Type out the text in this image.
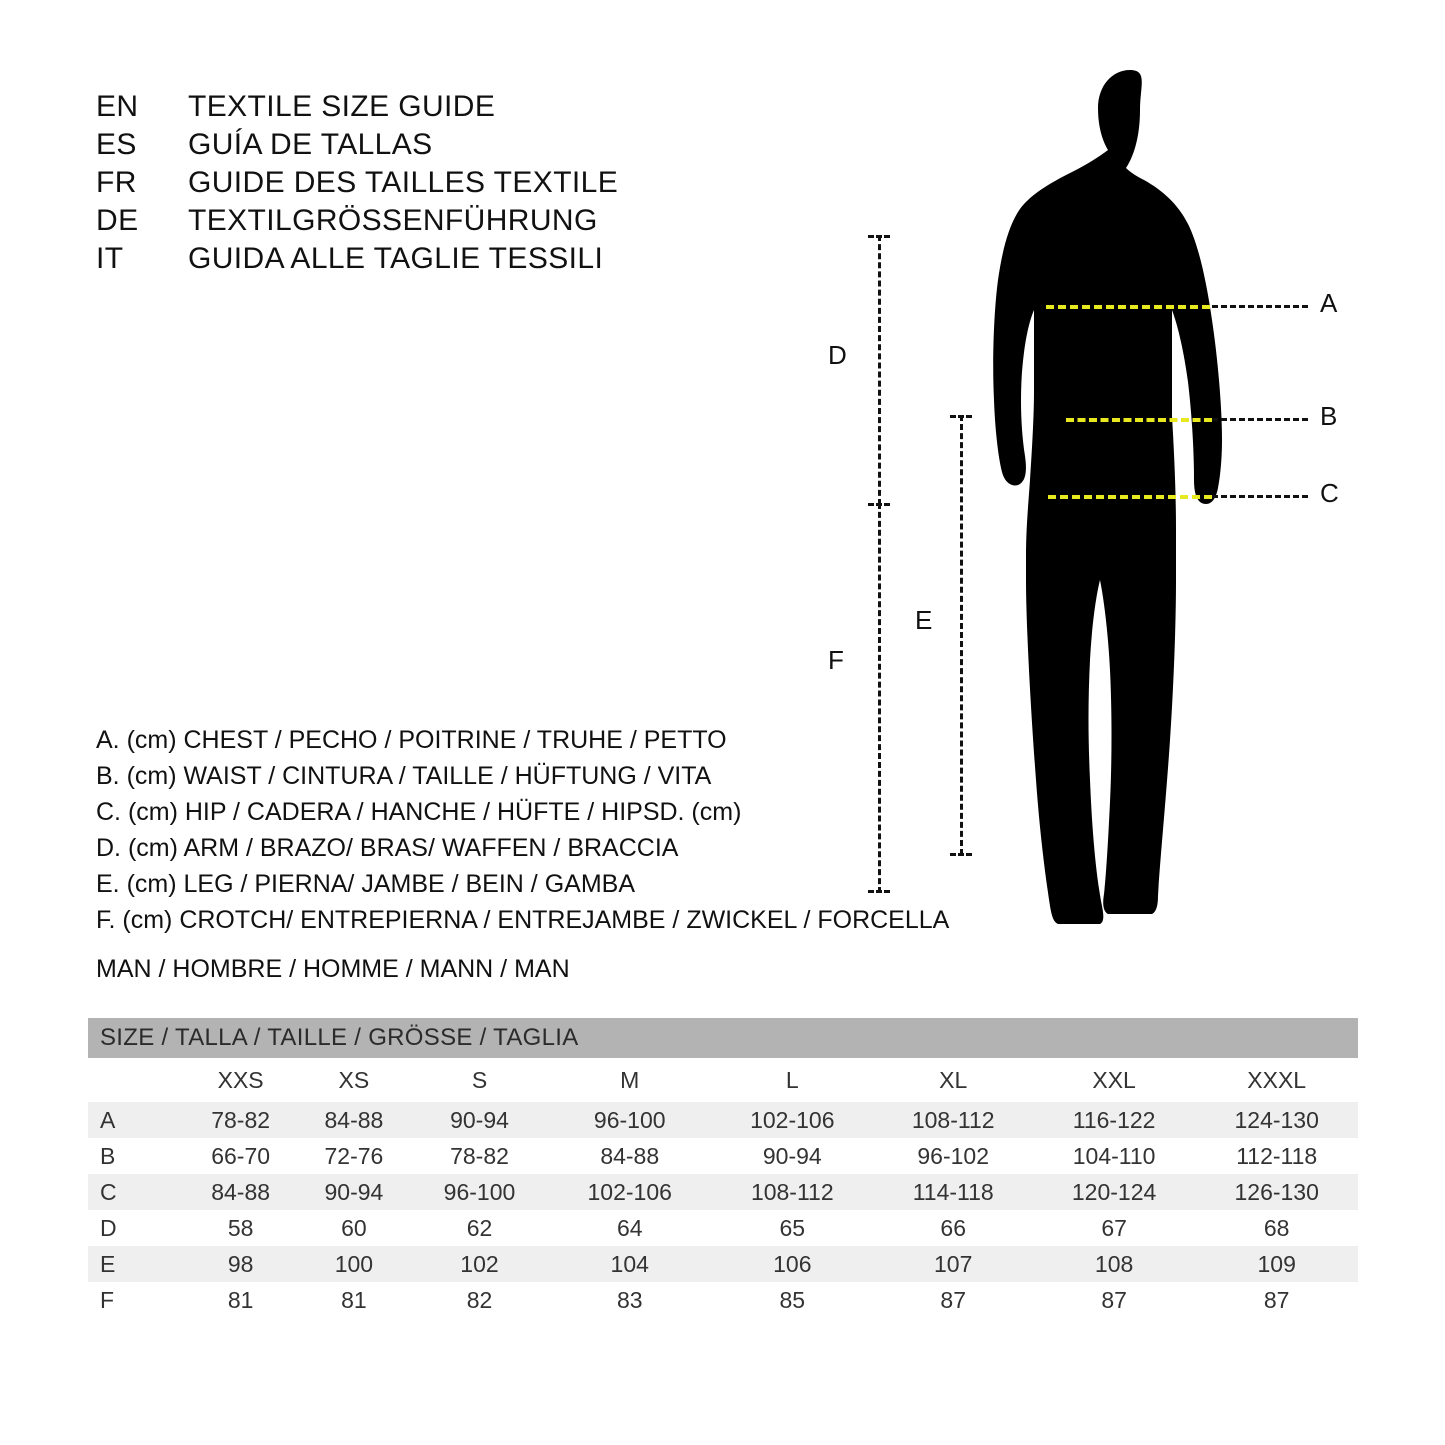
EN	TEXTILE SIZE GUIDE
ES	GUÍA DE TALLAS
FR	GUIDE DES TAILLES TEXTILE
DE	TEXTILGRÖSSENFÜHRUNG
IT	GUIDA ALLE TAGLIE TESSILI
D
F
E
A
B
C
A. (cm) CHEST / PECHO / POITRINE / TRUHE / PETTO
B. (cm) WAIST / CINTURA / TAILLE / HÜFTUNG / VITA
C. (cm) HIP / CADERA / HANCHE / HÜFTE / HIPSD. (cm)
D. (cm) ARM / BRAZO/ BRAS/ WAFFEN / BRACCIA
E. (cm) LEG / PIERNA/ JAMBE / BEIN / GAMBA
F. (cm) CROTCH/ ENTREPIERNA / ENTREJAMBE / ZWICKEL / FORCELLA
MAN / HOMBRE / HOMME / MANN / MAN
SIZE / TALLA / TAILLE / GRÖSSE / TAGLIA								
	XXS	XS	S	M	L	XL	XXL	XXXL
A	78-82	84-88	90-94	96-100	102-106	108-112	116-122	124-130
B	66-70	72-76	78-82	84-88	90-94	96-102	104-110	112-118
C	84-88	90-94	96-100	102-106	108-112	114-118	120-124	126-130
D	58	60	62	64	65	66	67	68
E	98	100	102	104	106	107	108	109
F	81	81	82	83	85	87	87	87
